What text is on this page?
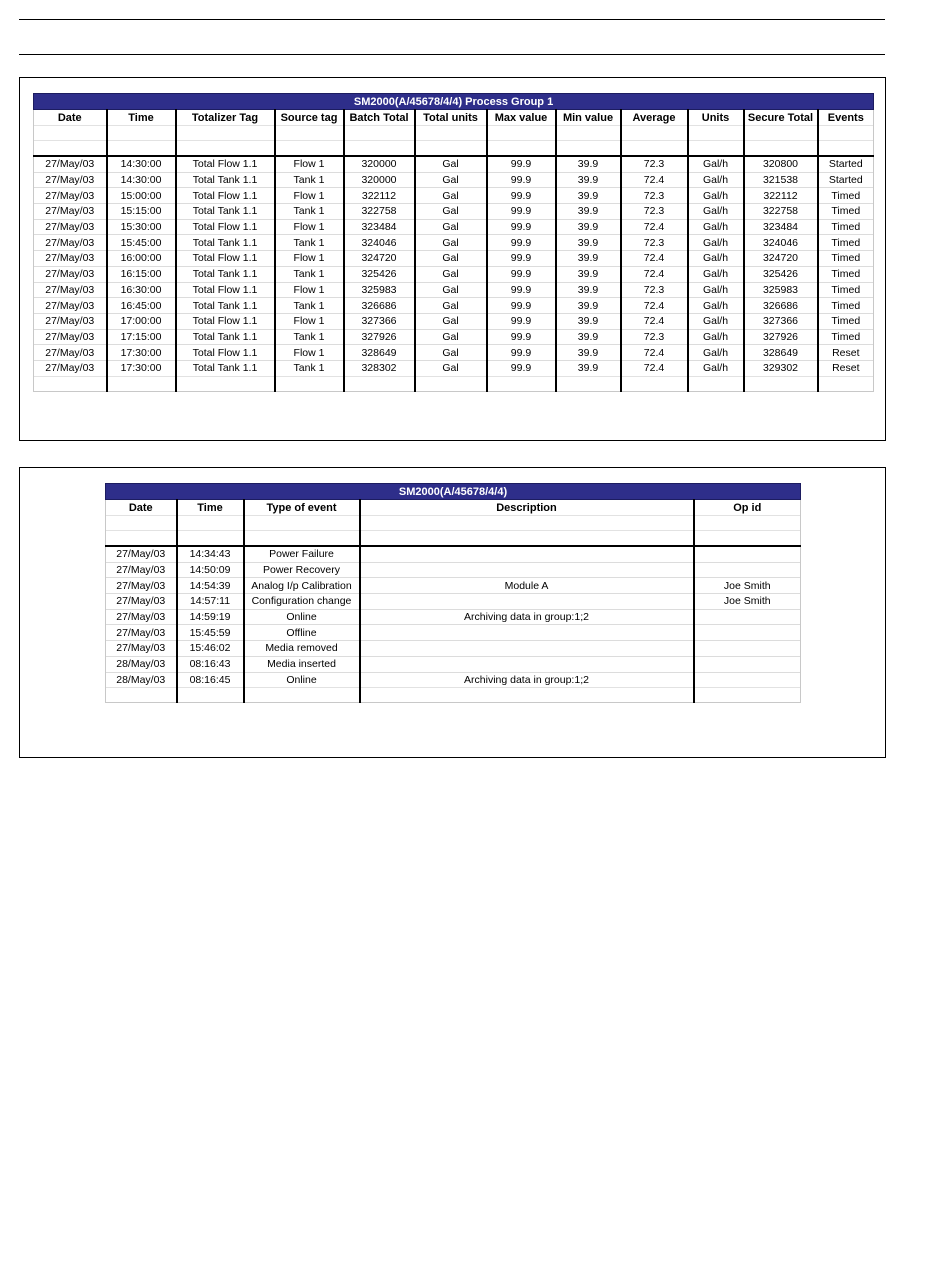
SM2000(A/45678/4/4) Process Group 1											
Date	Time	Totalizer Tag	Source tag	Batch Total	Total units	Max value	Min value	Average	Units	Secure Total	Events

27/May/03	14:30:00	Total Flow 1.1	Flow 1	320000	Gal	99.9	39.9	72.3	Gal/h	320800	Started
27/May/03	14:30:00	Total Tank 1.1	Tank 1	320000	Gal	99.9	39.9	72.4	Gal/h	321538	Started
27/May/03	15:00:00	Total Flow 1.1	Flow 1	322112	Gal	99.9	39.9	72.3	Gal/h	322112	Timed
27/May/03	15:15:00	Total Tank 1.1	Tank 1	322758	Gal	99.9	39.9	72.3	Gal/h	322758	Timed
27/May/03	15:30:00	Total Flow 1.1	Flow 1	323484	Gal	99.9	39.9	72.4	Gal/h	323484	Timed
27/May/03	15:45:00	Total Tank 1.1	Tank 1	324046	Gal	99.9	39.9	72.3	Gal/h	324046	Timed
27/May/03	16:00:00	Total Flow 1.1	Flow 1	324720	Gal	99.9	39.9	72.4	Gal/h	324720	Timed
27/May/03	16:15:00	Total Tank 1.1	Tank 1	325426	Gal	99.9	39.9	72.4	Gal/h	325426	Timed
27/May/03	16:30:00	Total Flow 1.1	Flow 1	325983	Gal	99.9	39.9	72.3	Gal/h	325983	Timed
27/May/03	16:45:00	Total Tank 1.1	Tank 1	326686	Gal	99.9	39.9	72.4	Gal/h	326686	Timed
27/May/03	17:00:00	Total Flow 1.1	Flow 1	327366	Gal	99.9	39.9	72.4	Gal/h	327366	Timed
27/May/03	17:15:00	Total Tank 1.1	Tank 1	327926	Gal	99.9	39.9	72.3	Gal/h	327926	Timed
27/May/03	17:30:00	Total Flow 1.1	Flow 1	328649	Gal	99.9	39.9	72.4	Gal/h	328649	Reset
27/May/03	17:30:00	Total Tank 1.1	Tank 1	328302	Gal	99.9	39.9	72.4	Gal/h	329302	Reset

SM2000(A/45678/4/4)				
Date	Time	Type of event	Description	Op id

27/May/03	14:34:43	Power Failure		
27/May/03	14:50:09	Power Recovery		
27/May/03	14:54:39	Analog I/p Calibration	Module A	Joe Smith
27/May/03	14:57:11	Configuration change		Joe Smith
27/May/03	14:59:19	Online	Archiving data in group:1;2	
27/May/03	15:45:59	Offline		
27/May/03	15:46:02	Media removed		
28/May/03	08:16:43	Media inserted		
28/May/03	08:16:45	Online	Archiving data in group:1;2	
